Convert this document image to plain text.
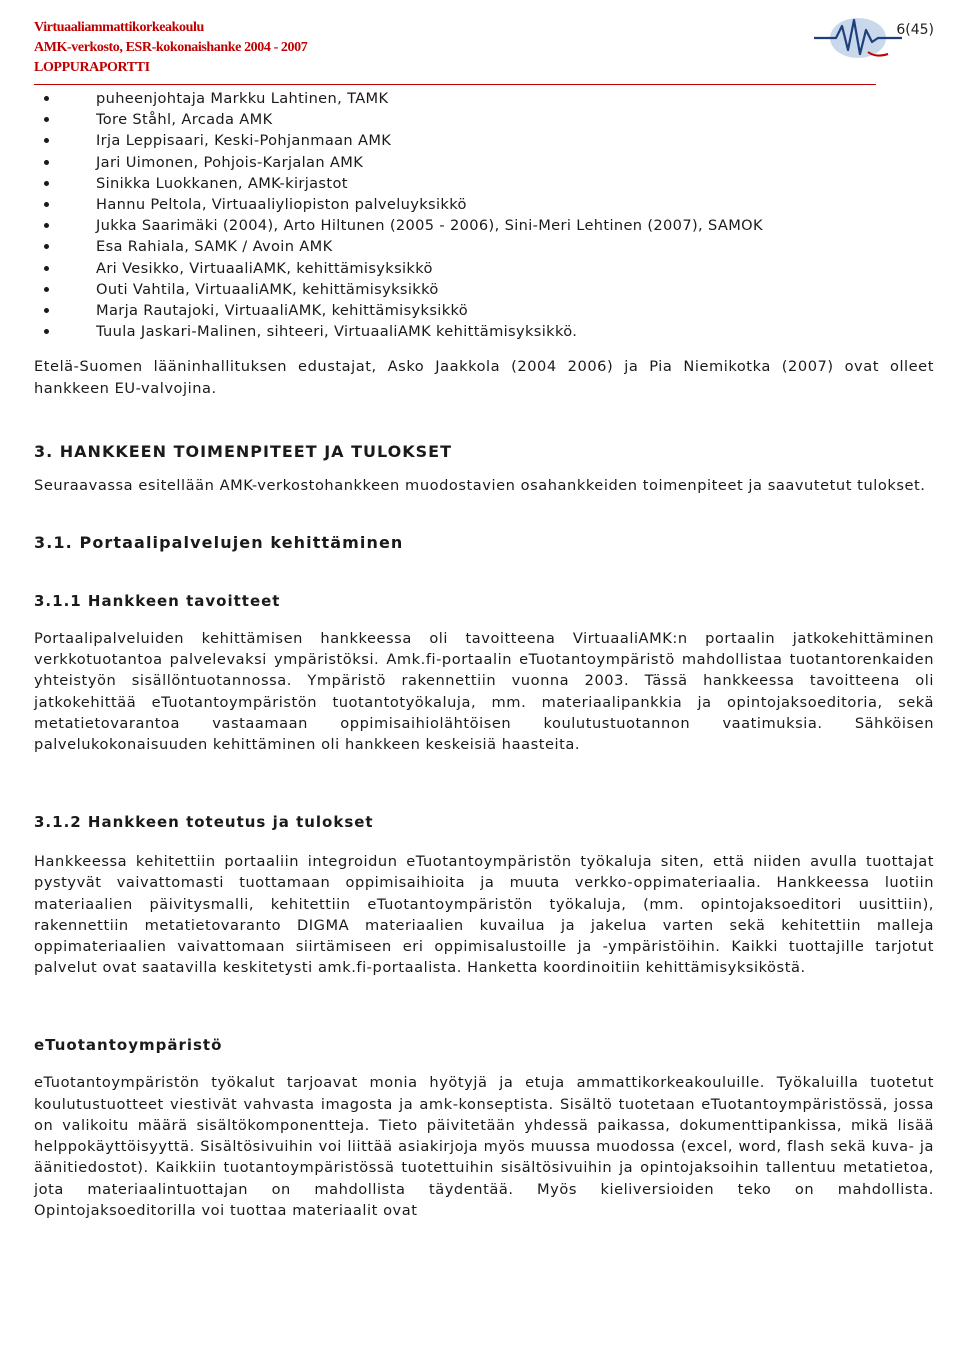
Virtuaaliammattikorkeakoulu
AMK-verkosto, ESR-kokonaishanke 2004 - 2007
LOPPURAPORTTI
6(45)
puheenjohtaja Markku Lahtinen, TAMK
Tore Ståhl, Arcada AMK
Irja Leppisaari, Keski-Pohjanmaan AMK
Jari Uimonen, Pohjois-Karjalan AMK
Sinikka Luokkanen, AMK-kirjastot
Hannu Peltola, Virtuaaliyliopiston palveluyksikkö
Jukka Saarimäki (2004), Arto Hiltunen (2005 - 2006), Sini-Meri Lehtinen (2007), SAMOK
Esa Rahiala, SAMK / Avoin AMK
Ari Vesikko, VirtuaaliAMK, kehittämisyksikkö
Outi Vahtila, VirtuaaliAMK, kehittämisyksikkö
Marja Rautajoki, VirtuaaliAMK, kehittämisyksikkö
Tuula Jaskari-Malinen, sihteeri, VirtuaaliAMK kehittämisyksikkö.

Etelä-Suomen lääninhallituksen edustajat, Asko Jaakkola (2004 2006) ja Pia Niemikotka (2007) ovat olleet hankkeen EU-valvojina.

3. HANKKEEN TOIMENPITEET JA TULOKSET

Seuraavassa esitellään AMK-verkostohankkeen muodostavien osahankkeiden toimenpiteet ja saavutetut tulokset.

3.1. Portaalipalvelujen kehittäminen
3.1.1 Hankkeen tavoitteet

Portaalipalveluiden kehittämisen hankkeessa oli tavoitteena VirtuaaliAMK:n portaalin jatkokehittäminen verkkotuotantoa palvelevaksi ympäristöksi. Amk.fi-portaalin eTuotantoympäristö mahdollistaa tuotantorenkaiden yhteistyön sisällöntuotannossa. Ympäristö rakennettiin vuonna 2003. Tässä hankkeessa tavoitteena oli jatkokehittää eTuotantoympäristön tuotantotyökaluja, mm. materiaalipankkia ja opintojaksoeditoria, sekä metatietovarantoa vastaamaan oppimisaihiolähtöisen koulutustuotannon vaatimuksia. Sähköisen palvelukokonaisuuden kehittäminen oli hankkeen keskeisiä haasteita.

3.1.2 Hankkeen toteutus ja tulokset

Hankkeessa kehitettiin portaaliin integroidun eTuotantoympäristön työkaluja siten, että niiden avulla tuottajat pystyvät vaivattomasti tuottamaan oppimisaihioita ja muuta verkko-oppimateriaalia. Hankkeessa luotiin materiaalien päivitysmalli, kehitettiin eTuotantoympäristön työkaluja, (mm. opintojaksoeditori uusittiin), rakennettiin metatietovaranto DIGMA materiaalien kuvailua ja jakelua varten sekä kehitettiin malleja oppimateriaalien vaivattomaan siirtämiseen eri oppimisalustoille ja -ympäristöihin. Kaikki tuottajille tarjotut palvelut ovat saatavilla keskitetysti amk.fi-portaalista. Hanketta koordinoitiin kehittämisyksiköstä.

eTuotantoympäristö

eTuotantoympäristön työkalut tarjoavat monia hyötyjä ja etuja ammattikorkeakouluille. Työkaluilla tuotetut koulutustuotteet viestivät vahvasta imagosta ja amk-konseptista. Sisältö tuotetaan eTuotantoympäristössä, jossa on valikoitu määrä sisältökomponentteja. Tieto päivitetään yhdessä paikassa, dokumenttipankissa, mikä lisää helppokäyttöisyyttä. Sisältösivuihin voi liittää asiakirjoja myös muussa muodossa (excel, word, flash sekä kuva- ja äänitiedostot). Kaikkiin tuotantoympäristössä tuotettuihin sisältösivuihin ja opintojaksoihin tallentuu metatietoa, jota materiaalintuottajan on mahdollista täydentää. Myös kieliversioiden teko on mahdollista. Opintojaksoeditorilla voi tuottaa materiaalit ovat
